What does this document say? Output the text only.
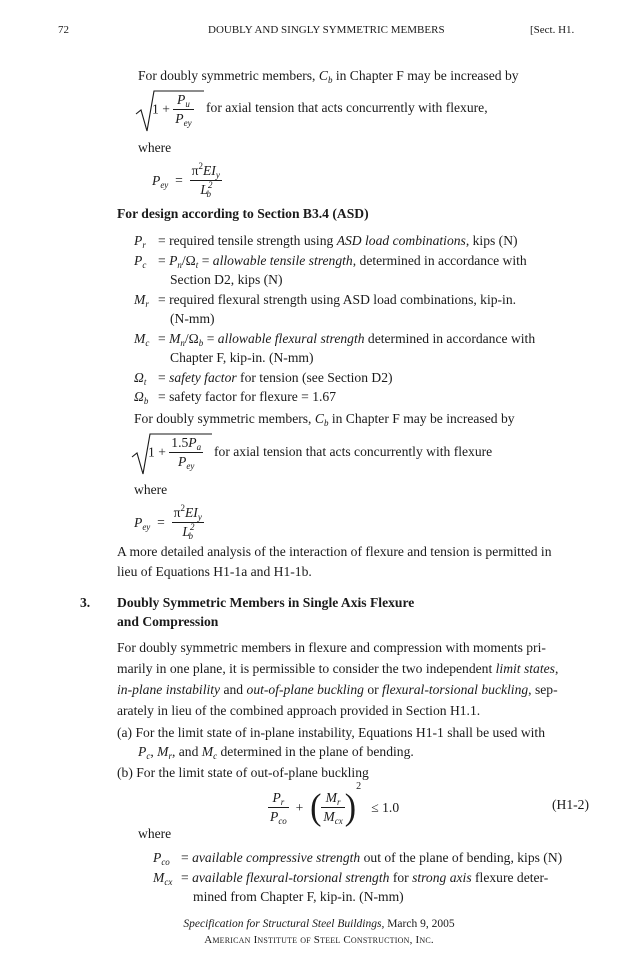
72	DOUBLY AND SINGLY SYMMETRIC MEMBERS	[Sect. H1.
For doubly symmetric members, $C_b$ in Chapter F may be increased by
$1 + \frac{P_u}{P_{ey}}$ for axial tension that acts concurrently with flexure,
where
$P_{ey} = \frac{\pi^2EI_y}{L^2_b}$
For design according to Section B3.4 (ASD)
$P_r$ = required tensile strength using ASD load combinations, kips (N)
$P_c = P_n/\Omega_t$ = allowable tensile strength, determined in accordance with
Section D2, kips (N)
$M_r$ = required flexural strength using ASD load combinations, kip-in.
(N-mm)
$M_c = M_n/\Omega_b$ = allowable flexural strength determined in accordance with
Chapter F, kip-in. (N-mm)
$\Omega_t$ = safety factor for tension (see Section D2)
$\Omega_b$ = safety factor for flexure = 1.67
For doubly symmetric members, $C_b$ in Chapter F may be increased by
$1 + \frac{1.5P_a}{P_{ey}}$ for axial tension that acts concurrently with flexure
where
$P_{ey} = \frac{\pi^2EI_y}{L^2_b}$
A more detailed analysis of the interaction of flexure and tension is permitted in
lieu of Equations H1-1a and H1-1b.
3. Doubly Symmetric Members in Single Axis Flexure
and Compression
For doubly symmetric members in flexure and compression with moments pri-
marily in one plane, it is permissible to consider the two independent limit states,
in-plane instability and out-of-plane buckling or flexural-torsional buckling, sep-
arately in lieu of the combined approach provided in Section H1.1.
(a) For the limit state of in-plane instability, Equations H1-1 shall be used with
$P_c$, $M_r$, and $M_c$ determined in the plane of bending.
(b) For the limit state of out-of-plane buckling
$\frac{P_r}{P_{co}}$ +  ( $\frac{M_r}{M_{cx}} )^2 \le 1.0$	(H1-2)
where
$P_{co}$ = available compressive strength out of the plane of bending, kips (N)
$M_{cx}$ = available flexural-torsional strength for strong axis flexure deter-
mined from Chapter F, kip-in. (N-mm)
Specification for Structural Steel Buildings, March 9, 2005
American Institute of Steel Construction, Inc.
